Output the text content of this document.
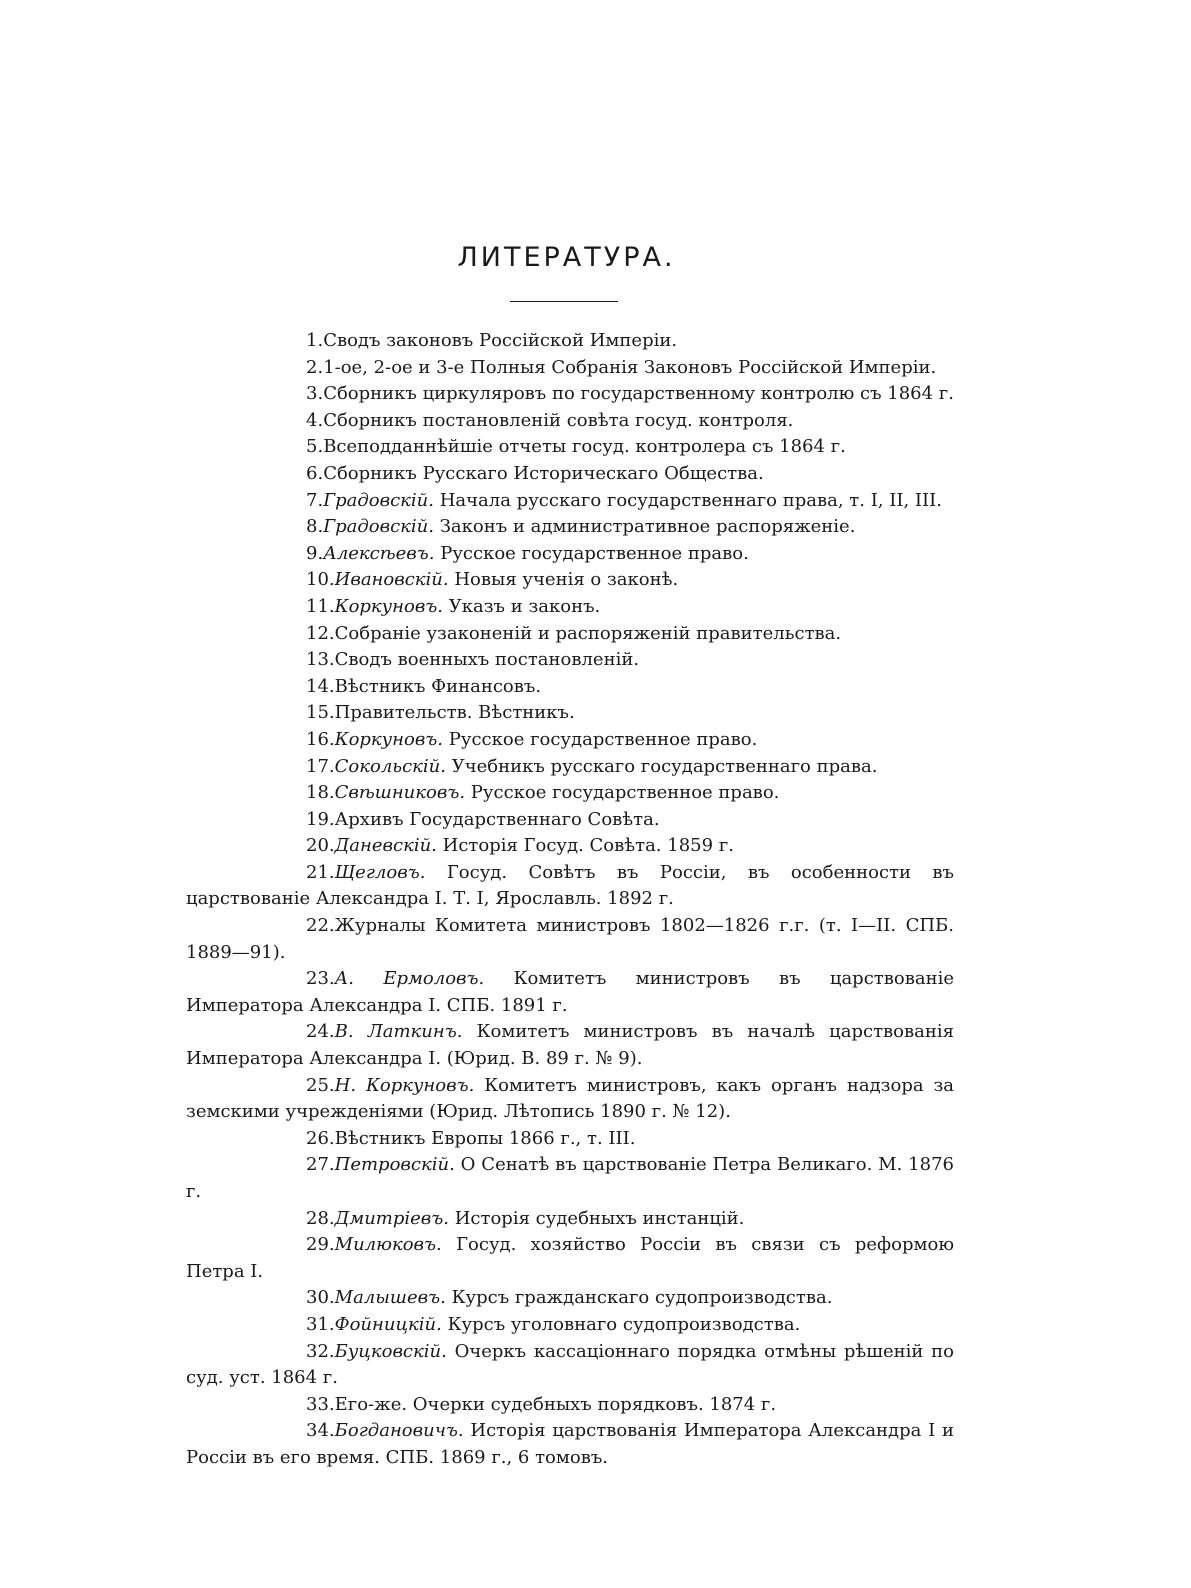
ЛИТЕРАТУРА.

1.Сводъ законовъ Россійской Имперіи.

2.1-ое, 2-ое и 3-е Полныя Собранія Законовъ Россійской Имперіи.

3.Сборникъ циркуляровъ по государственному контролю съ 1864 г.

4.Сборникъ постановленій совѣта госуд. контроля.

5.Всеподданнѣйшіе отчеты госуд. контролера съ 1864 г.

6.Сборникъ Русскаго Историческаго Общества.

7.Градовскій. Начала русскаго государственнаго права, т. I, II, III.

8.Градовскій. Законъ и административное распоряженіе.

9.Алексѣевъ. Русское государственное право.

10.Ивановскій. Новыя ученія о законѣ.

11.Коркуновъ. Указъ и законъ.

12.Собраніе узаконеній и распоряженій правительства.

13.Сводъ военныхъ постановленій.

14.Вѣстникъ Финансовъ.

15.Правительств. Вѣстникъ.

16.Коркуновъ. Русское государственное право.

17.Сокольскій. Учебникъ русскаго государственнаго права.

18.Свѣшниковъ. Русское государственное право.

19.Архивъ Государственнаго Совѣта.

20.Даневскій. Исторія Госуд. Совѣта. 1859 г.

21.Щегловъ. Госуд. Совѣтъ въ Россіи, въ особенности въ царствованіе Александра I. Т. I, Ярославль. 1892 г.

22.Журналы Комитета министровъ 1802—1826 г.г. (т. I—II. СПБ. 1889—91).

23.А. Ермоловъ. Комитетъ министровъ въ царствованіе Императора Александра I. СПБ. 1891 г.

24.В. Латкинъ. Комитетъ министровъ въ началѣ царствованія Императора Александра I. (Юрид. В. 89 г. № 9).

25.Н. Коркуновъ. Комитетъ министровъ, какъ органъ надзора за земскими учрежденіями (Юрид. Лѣтопись 1890 г. № 12).

26.Вѣстникъ Европы 1866 г., т. III.

27.Петровскій. О Сенатѣ въ царствованіе Петра Великаго. М. 1876 г.

28.Дмитріевъ. Исторія судебныхъ инстанцій.

29.Милюковъ. Госуд. хозяйство Россіи въ связи съ реформою Петра I.

30.Малышевъ. Курсъ гражданскаго судопроизводства.

31.Фойницкій. Курсъ уголовнаго судопроизводства.

32.Буцковскій. Очеркъ кассаціоннаго порядка отмѣны рѣшеній по суд. уст. 1864 г.

33.Его-же. Очерки судебныхъ порядковъ. 1874 г.

34.Богдановичъ. Исторія царствованія Императора Александра I и Россіи въ его время. СПБ. 1869 г., 6 томовъ.
